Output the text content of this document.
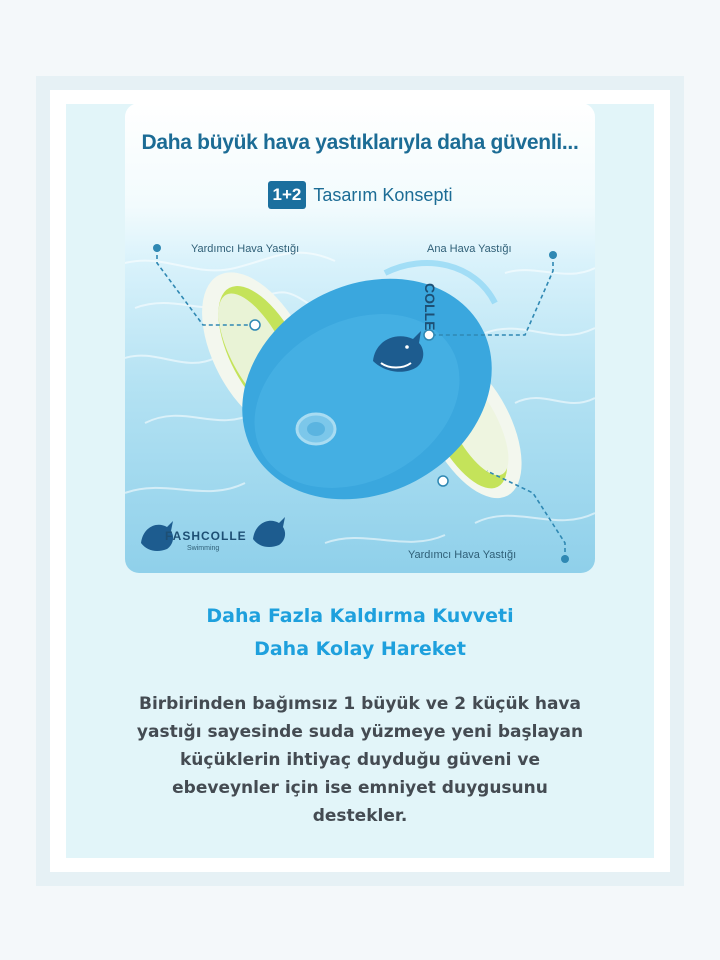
COLLE
Daha büyük hava yastıklarıyla daha güvenli...
1+2 Tasarım Konsepti
Yardımcı Hava Yastığı	Ana Hava Yastığı
Yardımcı Hava Yastığı
FASHCOLLE
Swimming
Daha Fazla Kaldırma Kuvveti
Daha Kolay Hareket

Birbirinden bağımsız 1 büyük ve 2 küçük hava yastığı sayesinde suda yüzmeye yeni başlayan küçüklerin ihtiyaç duyduğu güveni ve ebeveynler için ise emniyet duygusunu destekler.
